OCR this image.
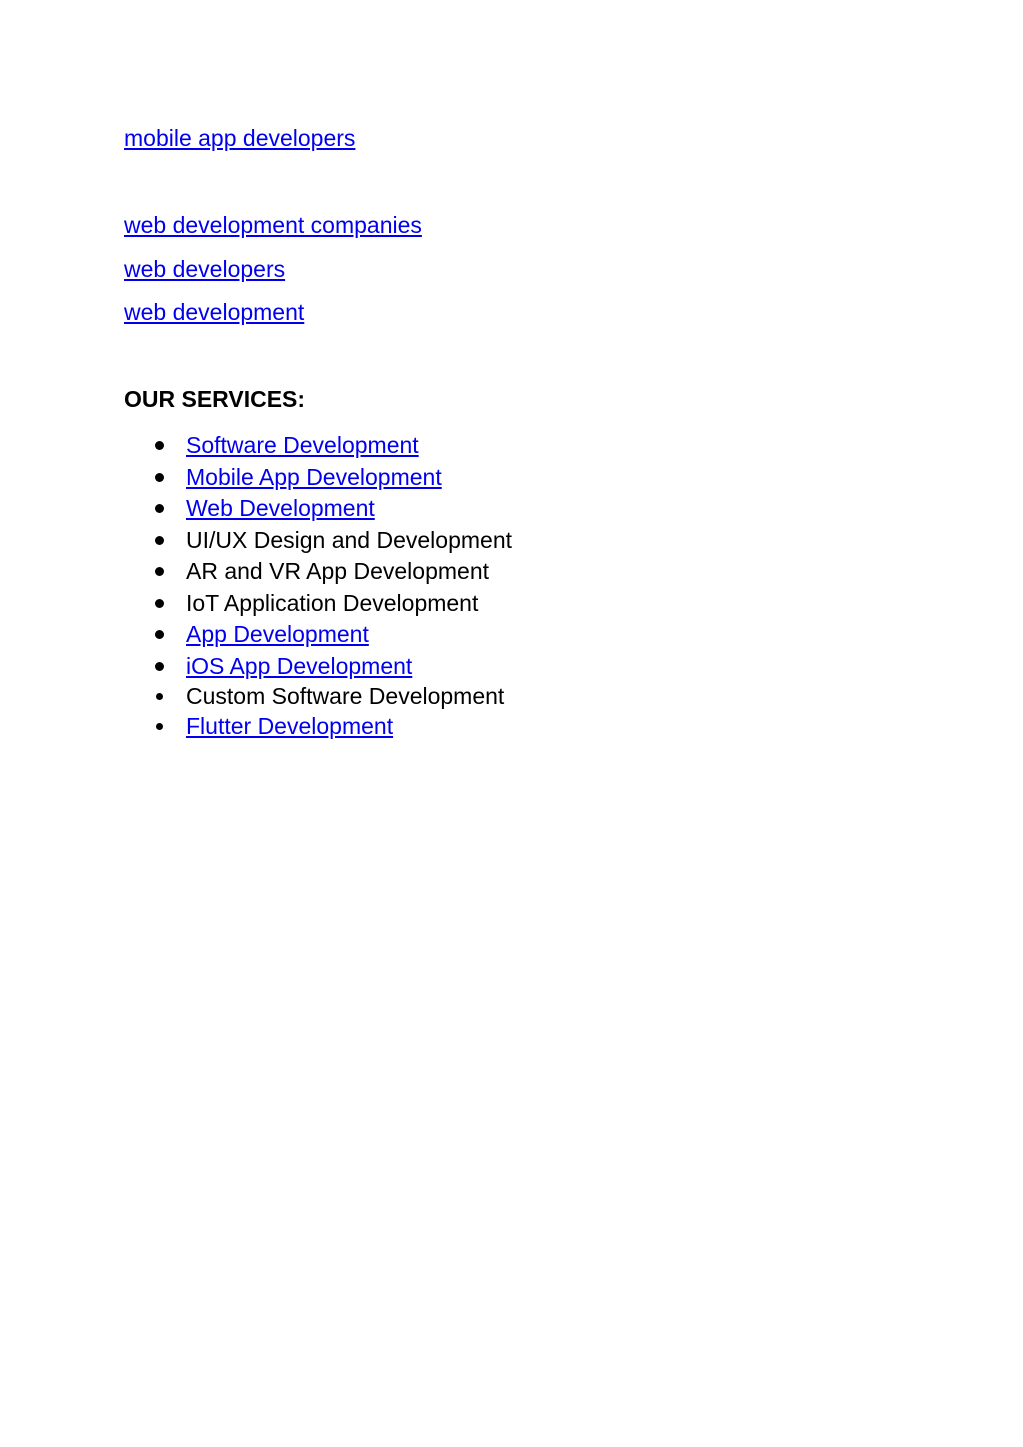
mobile app developers
web development companies
web developers
web development
OUR SERVICES:
Software Development
Mobile App Development
Web Development
UI/UX Design and Development
AR and VR App Development
IoT Application Development
App Development
iOS App Development
Custom Software Development
Flutter Development
